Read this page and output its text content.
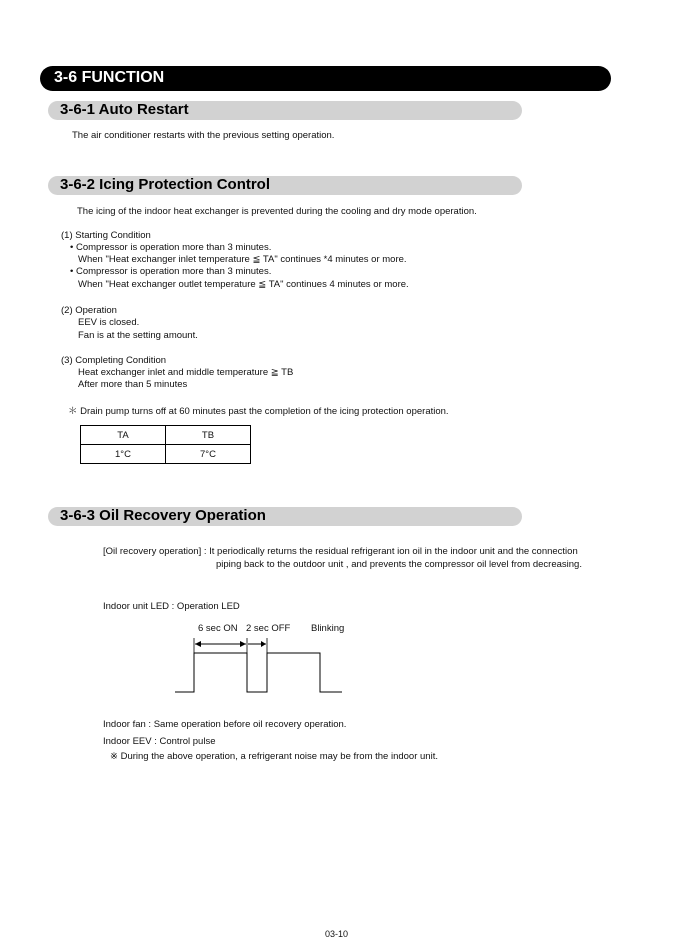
3-6 FUNCTION
3-6-1 Auto Restart
The air conditioner restarts with the previous setting operation.
3-6-2 Icing Protection Control
The icing of the indoor heat exchanger is prevented during the cooling and dry mode operation.
(1) Starting Condition
• Compressor is operation more than 3 minutes.
When "Heat exchanger inlet temperature ≦ TA" continues *4 minutes or more.
• Compressor is operation more than 3 minutes.
When "Heat exchanger outlet temperature ≦ TA" continues 4 minutes or more.
(2) Operation
EEV is closed.
Fan is at the setting amount.
(3) Completing Condition
Heat exchanger inlet and middle temperature ≧ TB
After more than 5 minutes
＊ Drain pump turns off at 60 minutes past the completion of the icing protection operation.
TA	TB
1°C	7°C
3-6-3 Oil Recovery Operation
[Oil recovery operation] : It periodically returns the residual refrigerant ion oil in the indoor unit and the connection
piping back to the outdoor unit , and prevents the compressor oil level from decreasing.
Indoor unit LED : Operation LED
6 sec ON 2 sec OFF Blinking
Indoor fan : Same operation before oil recovery operation.
Indoor EEV : Control pulse
※ During the above operation, a refrigerant noise may be from the indoor unit.
03-10
